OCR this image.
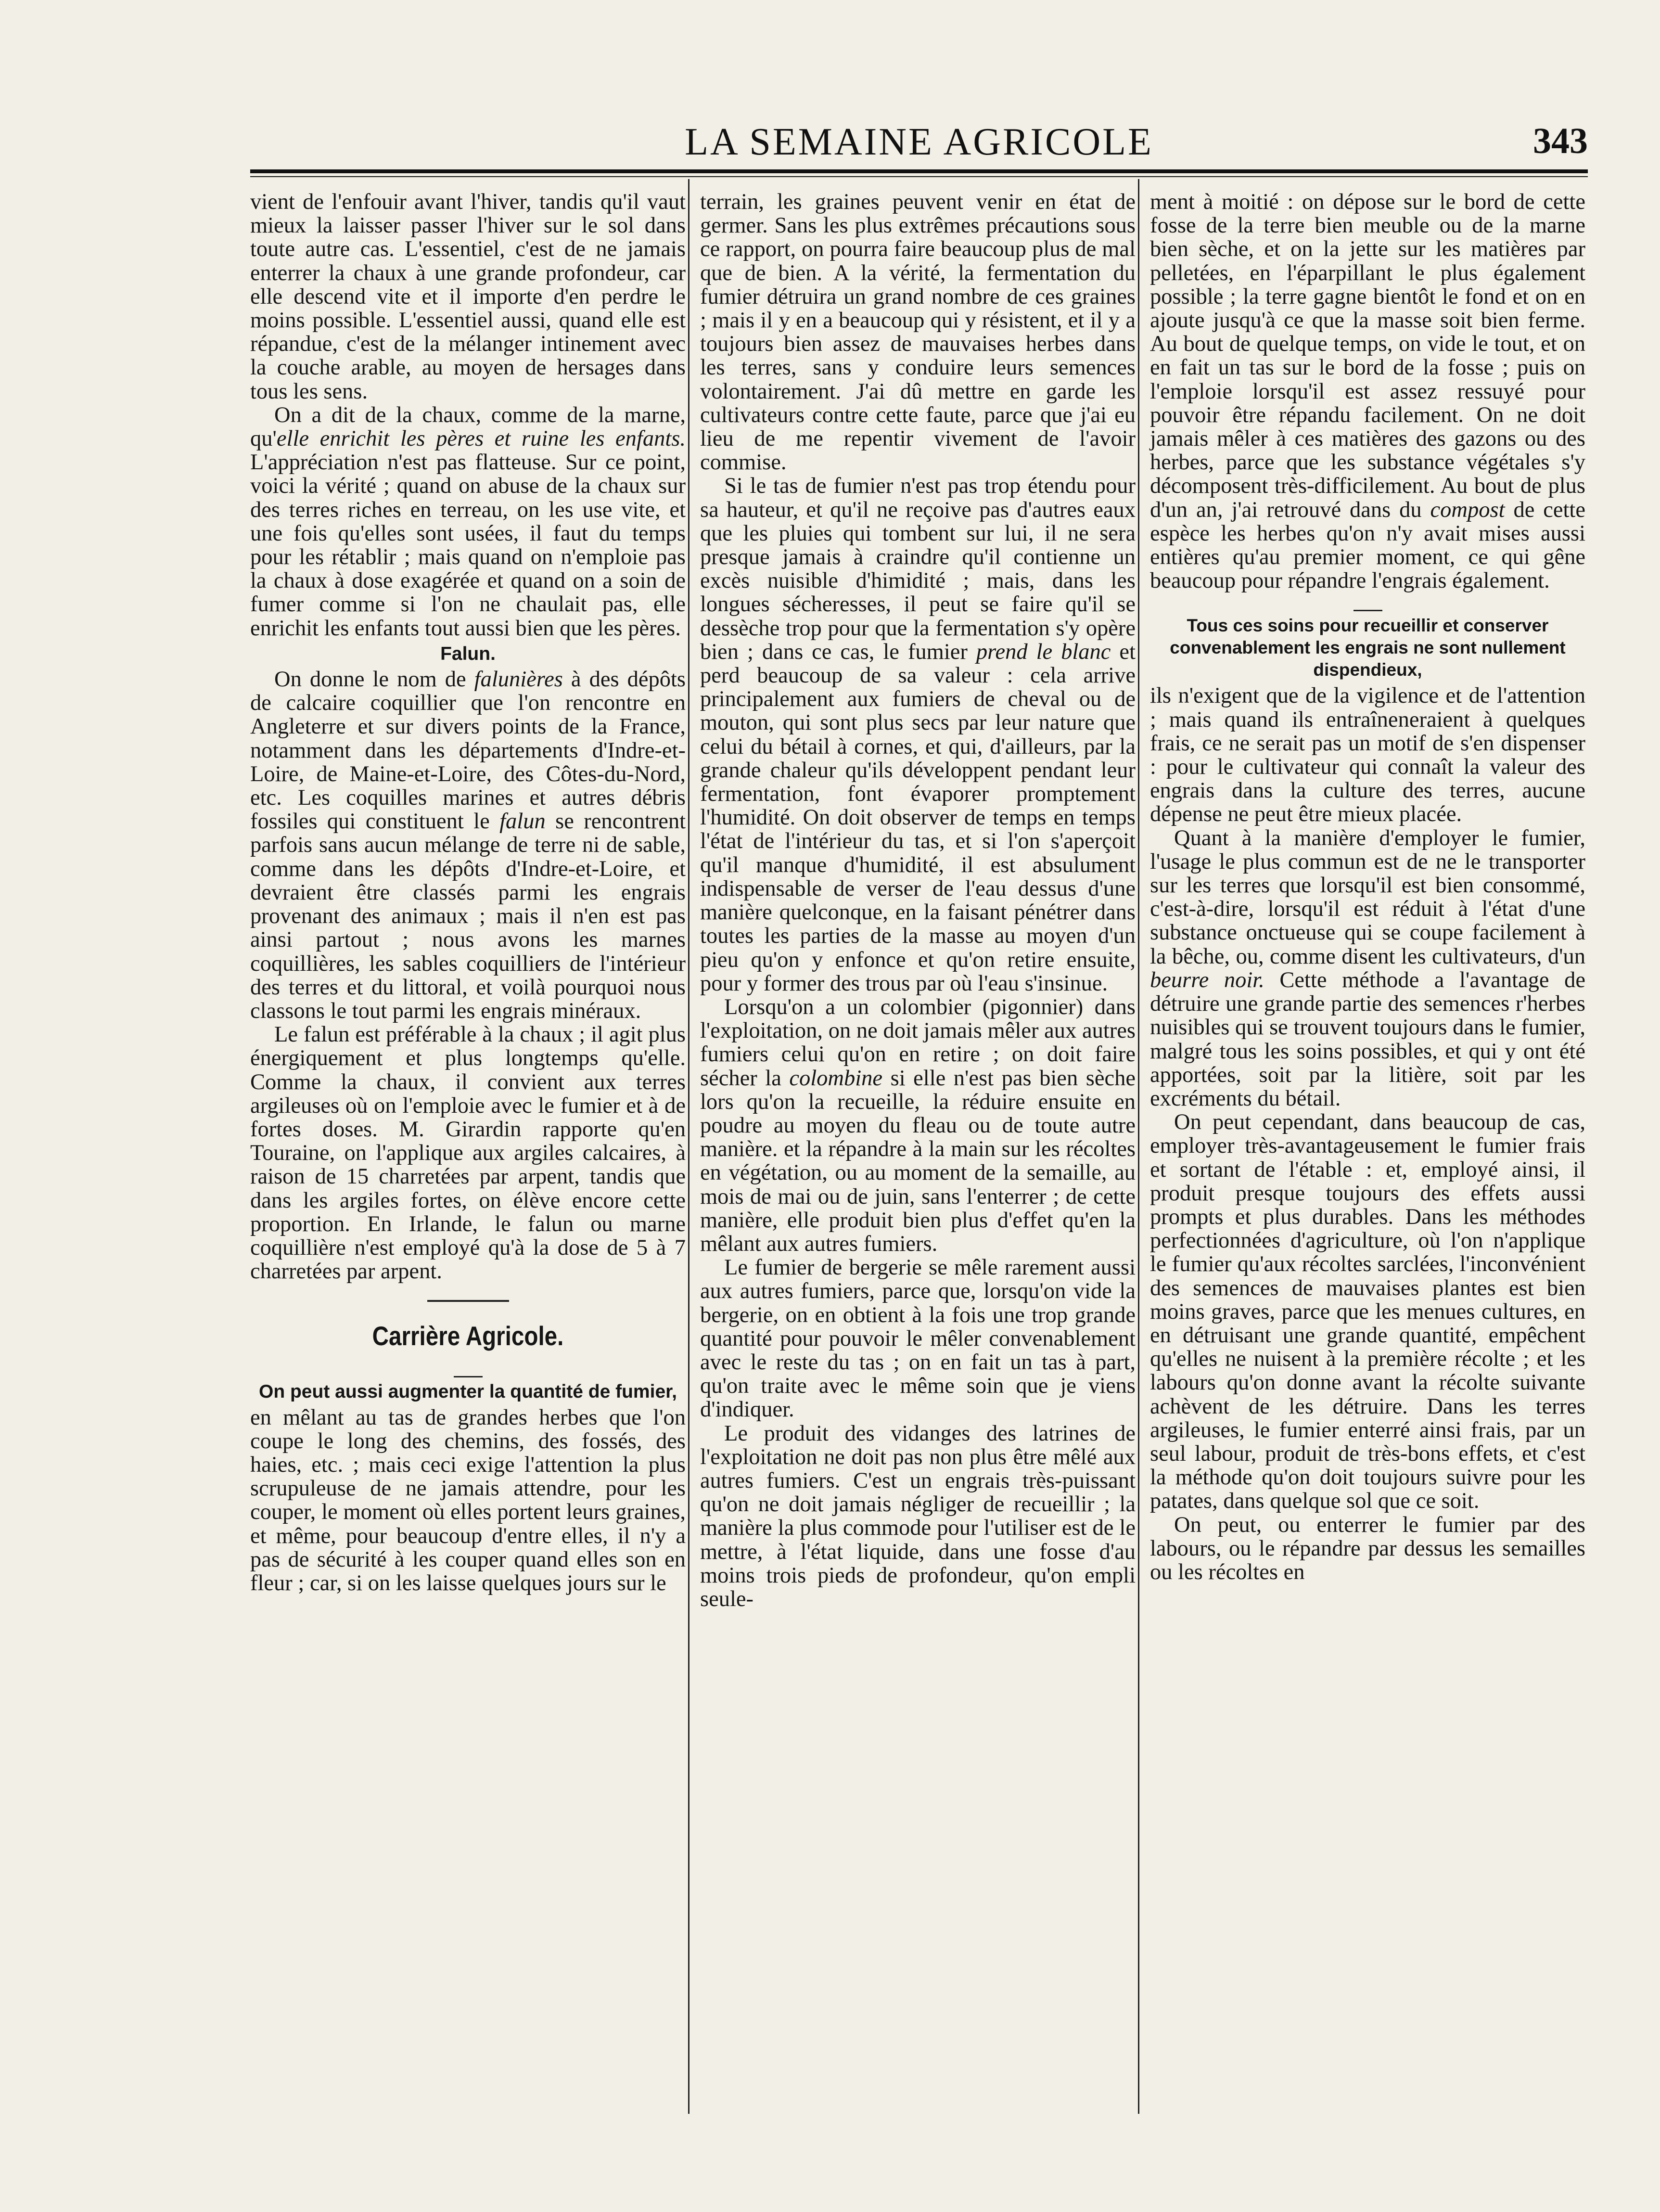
LA SEMAINE AGRICOLE	343

vient de l'enfouir avant l'hiver, tandis qu'il vaut mieux la laisser passer l'hiver sur le sol dans toute autre cas. L'essentiel, c'est de ne jamais enterrer la chaux à une grande profondeur, car elle descend vite et il importe d'en perdre le moins possible. L'essentiel aussi, quand elle est répandue, c'est de la mélanger intinement avec la couche arable, au moyen de hersages dans tous les sens.

On a dit de la chaux, comme de la marne, qu'elle enrichit les pères et ruine les enfants. L'appréciation n'est pas flatteuse. Sur ce point, voici la vérité ; quand on abuse de la chaux sur des terres riches en terreau, on les use vite, et une fois qu'elles sont usées, il faut du temps pour les rétablir ; mais quand on n'emploie pas la chaux à dose exagérée et quand on a soin de fumer comme si l'on ne chaulait pas, elle enrichit les enfants tout aussi bien que les pères.

Falun.

On donne le nom de falunières à des dépôts de calcaire coquillier que l'on rencontre en Angleterre et sur divers points de la France, notamment dans les départements d'Indre-et-Loire, de Maine-et-Loire, des Côtes-du-Nord, etc. Les coquilles marines et autres débris fossiles qui constituent le falun se rencontrent parfois sans aucun mélange de terre ni de sable, comme dans les dépôts d'Indre-et-Loire, et devraient être classés parmi les engrais provenant des animaux ; mais il n'en est pas ainsi partout ; nous avons les marnes coquillières, les sables coquilliers de l'intérieur des terres et du littoral, et voilà pourquoi nous classons le tout parmi les engrais minéraux.

Le falun est préférable à la chaux ; il agit plus énergiquement et plus longtemps qu'elle. Comme la chaux, il convient aux terres argileuses où on l'emploie avec le fumier et à de fortes doses. M. Girardin rapporte qu'en Touraine, on l'applique aux argiles calcaires, à raison de 15 charretées par arpent, tandis que dans les argiles fortes, on élève encore cette proportion. En Irlande, le falun ou marne coquillière n'est employé qu'à la dose de 5 à 7 charretées par arpent.

Carrière Agricole.
On peut aussi augmenter la quantité de fumier,

en mêlant au tas de grandes herbes que l'on coupe le long des chemins, des fossés, des haies, etc. ; mais ceci exige l'attention la plus scrupuleuse de ne jamais attendre, pour les couper, le moment où elles portent leurs graines, et même, pour beaucoup d'entre elles, il n'y a pas de sécurité à les couper quand elles son en fleur ; car, si on les laisse quelques jours sur le

terrain, les graines peuvent venir en état de germer. Sans les plus extrêmes précautions sous ce rapport, on pourra faire beaucoup plus de mal que de bien. A la vérité, la fermentation du fumier détruira un grand nombre de ces graines ; mais il y en a beaucoup qui y résistent, et il y a toujours bien assez de mauvaises herbes dans les terres, sans y conduire leurs semences volontairement. J'ai dû mettre en garde les cultivateurs contre cette faute, parce que j'ai eu lieu de me repentir vivement de l'avoir commise.

Si le tas de fumier n'est pas trop étendu pour sa hauteur, et qu'il ne reçoive pas d'autres eaux que les pluies qui tombent sur lui, il ne sera presque jamais à craindre qu'il contienne un excès nuisible d'himidité ; mais, dans les longues sécheresses, il peut se faire qu'il se dessèche trop pour que la fermentation s'y opère bien ; dans ce cas, le fumier prend le blanc et perd beaucoup de sa valeur : cela arrive principalement aux fumiers de cheval ou de mouton, qui sont plus secs par leur nature que celui du bétail à cornes, et qui, d'ailleurs, par la grande chaleur qu'ils développent pendant leur fermentation, font évaporer promptement l'humidité. On doit observer de temps en temps l'état de l'intérieur du tas, et si l'on s'aperçoit qu'il manque d'humidité, il est absulument indispensable de verser de l'eau dessus d'une manière quelconque, en la faisant pénétrer dans toutes les parties de la masse au moyen d'un pieu qu'on y enfonce et qu'on retire ensuite, pour y former des trous par où l'eau s'insinue.

Lorsqu'on a un colombier (pigonnier) dans l'exploitation, on ne doit jamais mêler aux autres fumiers celui qu'on en retire ; on doit faire sécher la colombine si elle n'est pas bien sèche lors qu'on la recueille, la réduire ensuite en poudre au moyen du fleau ou de toute autre manière. et la répandre à la main sur les récoltes en végétation, ou au moment de la semaille, au mois de mai ou de juin, sans l'enterrer ; de cette manière, elle produit bien plus d'effet qu'en la mêlant aux autres fumiers.

Le fumier de bergerie se mêle rarement aussi aux autres fumiers, parce que, lorsqu'on vide la bergerie, on en obtient à la fois une trop grande quantité pour pouvoir le mêler convenablement avec le reste du tas ; on en fait un tas à part, qu'on traite avec le même soin que je viens d'indiquer.

Le produit des vidanges des latrines de l'exploitation ne doit pas non plus être mêlé aux autres fumiers. C'est un engrais très-puissant qu'on ne doit jamais négliger de recueillir ; la manière la plus commode pour l'utiliser est de le mettre, à l'état liquide, dans une fosse d'au moins trois pieds de profondeur, qu'on empli seule-

ment à moitié : on dépose sur le bord de cette fosse de la terre bien meuble ou de la marne bien sèche, et on la jette sur les matières par pelletées, en l'éparpillant le plus également possible ; la terre gagne bientôt le fond et on en ajoute jusqu'à ce que la masse soit bien ferme. Au bout de quelque temps, on vide le tout, et on en fait un tas sur le bord de la fosse ; puis on l'emploie lorsqu'il est assez ressuyé pour pouvoir être répandu facilement. On ne doit jamais mêler à ces matières des gazons ou des herbes, parce que les substance végétales s'y décomposent très-difficilement. Au bout de plus d'un an, j'ai retrouvé dans du compost de cette espèce les herbes qu'on n'y avait mises aussi entières qu'au premier moment, ce qui gêne beaucoup pour répandre l'engrais également.

Tous ces soins pour recueillir et conserver convenablement les engrais ne sont nullement dispendieux,

ils n'exigent que de la vigilence et de l'attention ; mais quand ils entraîneneraient à quelques frais, ce ne serait pas un motif de s'en dispenser : pour le cultivateur qui connaît la valeur des engrais dans la culture des terres, aucune dépense ne peut être mieux placée.

Quant à la manière d'employer le fumier, l'usage le plus commun est de ne le transporter sur les terres que lorsqu'il est bien consommé, c'est-à-dire, lorsqu'il est réduit à l'état d'une substance onctueuse qui se coupe facilement à la bêche, ou, comme disent les cultivateurs, d'un beurre noir. Cette méthode a l'avantage de détruire une grande partie des semences r'herbes nuisibles qui se trouvent toujours dans le fumier, malgré tous les soins possibles, et qui y ont été apportées, soit par la litière, soit par les excréments du bétail.

On peut cependant, dans beaucoup de cas, employer très-avantageusement le fumier frais et sortant de l'étable : et, employé ainsi, il produit presque toujours des effets aussi prompts et plus durables. Dans les méthodes perfectionnées d'agriculture, où l'on n'applique le fumier qu'aux récoltes sarclées, l'inconvénient des semences de mauvaises plantes est bien moins graves, parce que les menues cultures, en en détruisant une grande quantité, empêchent qu'elles ne nuisent à la première récolte ; et les labours qu'on donne avant la récolte suivante achèvent de les détruire. Dans les terres argileuses, le fumier enterré ainsi frais, par un seul labour, produit de très-bons effets, et c'est la méthode qu'on doit toujours suivre pour les patates, dans quelque sol que ce soit.

On peut, ou enterrer le fumier par des labours, ou le répandre par dessus les semailles ou les récoltes en
